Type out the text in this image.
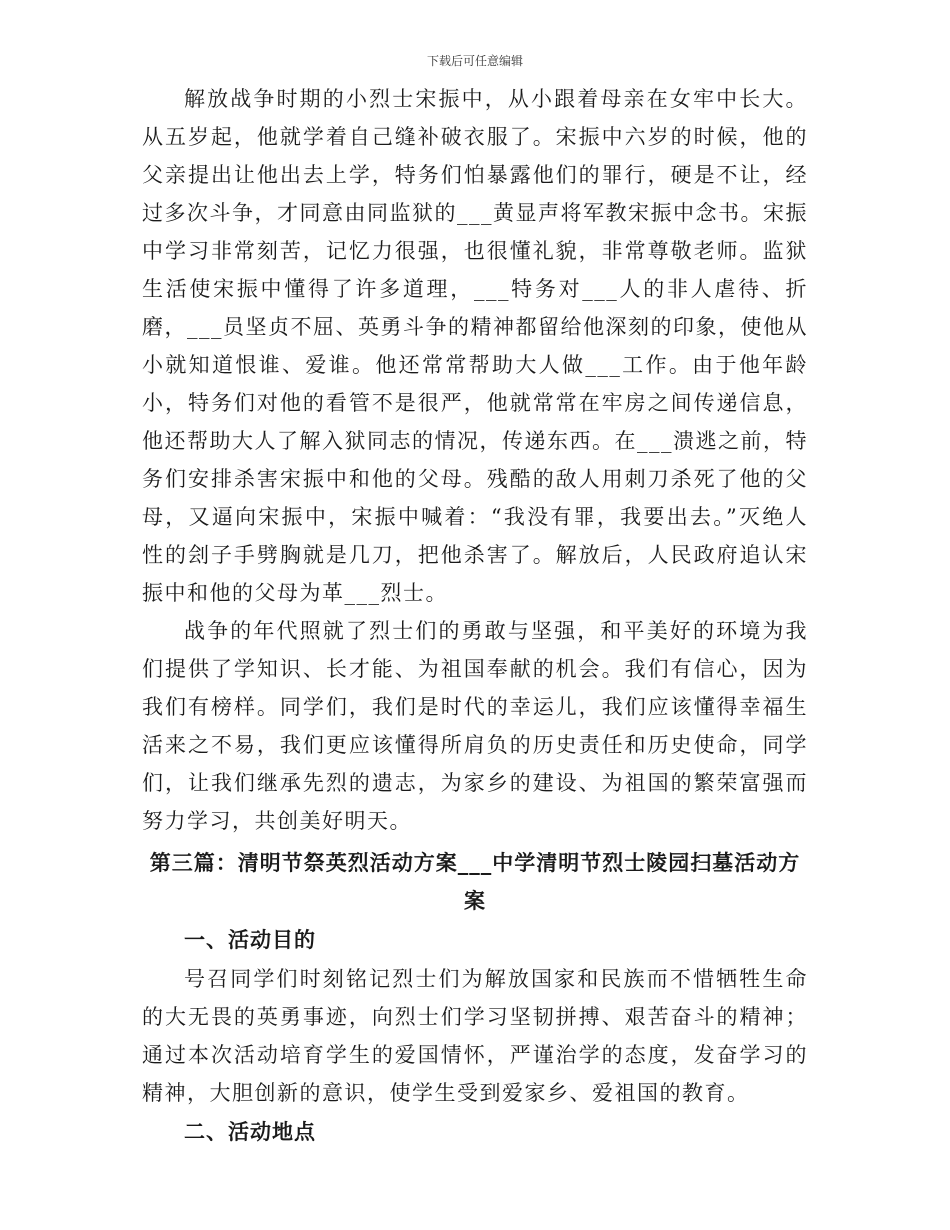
下载后可任意编辑

解放战争时期的小烈士宋振中，从小跟着母亲在女牢中长大。从五岁起，他就学着自己缝补破衣服了。宋振中六岁的时候，他的父亲提出让他出去上学，特务们怕暴露他们的罪行，硬是不让，经过多次斗争，才同意由同监狱的___黄显声将军教宋振中念书。宋振中学习非常刻苦，记忆力很强，也很懂礼貌，非常尊敬老师。监狱生活使宋振中懂得了许多道理，___特务对___人的非人虐待、折磨，___员坚贞不屈、英勇斗争的精神都留给他深刻的印象，使他从小就知道恨谁、爱谁。他还常常帮助大人做___工作。由于他年龄小，特务们对他的看管不是很严，他就常常在牢房之间传递信息，他还帮助大人了解入狱同志的情况，传递东西。在___溃逃之前，特务们安排杀害宋振中和他的父母。残酷的敌人用刺刀杀死了他的父母，又逼向宋振中，宋振中喊着：“我没有罪，我要出去。”灭绝人性的刽子手劈胸就是几刀，把他杀害了。解放后，人民政府追认宋振中和他的父母为革___烈士。

战争的年代照就了烈士们的勇敢与坚强，和平美好的环境为我们提供了学知识、长才能、为祖国奉献的机会。我们有信心，因为我们有榜样。同学们，我们是时代的幸运儿，我们应该懂得幸福生活来之不易，我们更应该懂得所肩负的历史责任和历史使命，同学们，让我们继承先烈的遗志，为家乡的建设、为祖国的繁荣富强而努力学习，共创美好明天。

第三篇：清明节祭英烈活动方案___中学清明节烈士陵园扫墓活动方案

一、活动目的

号召同学们时刻铭记烈士们为解放国家和民族而不惜牺牲生命的大无畏的英勇事迹，向烈士们学习坚韧拼搏、艰苦奋斗的精神；通过本次活动培育学生的爱国情怀，严谨治学的态度，发奋学习的精神，大胆创新的意识，使学生受到爱家乡、爱祖国的教育。

二、活动地点
